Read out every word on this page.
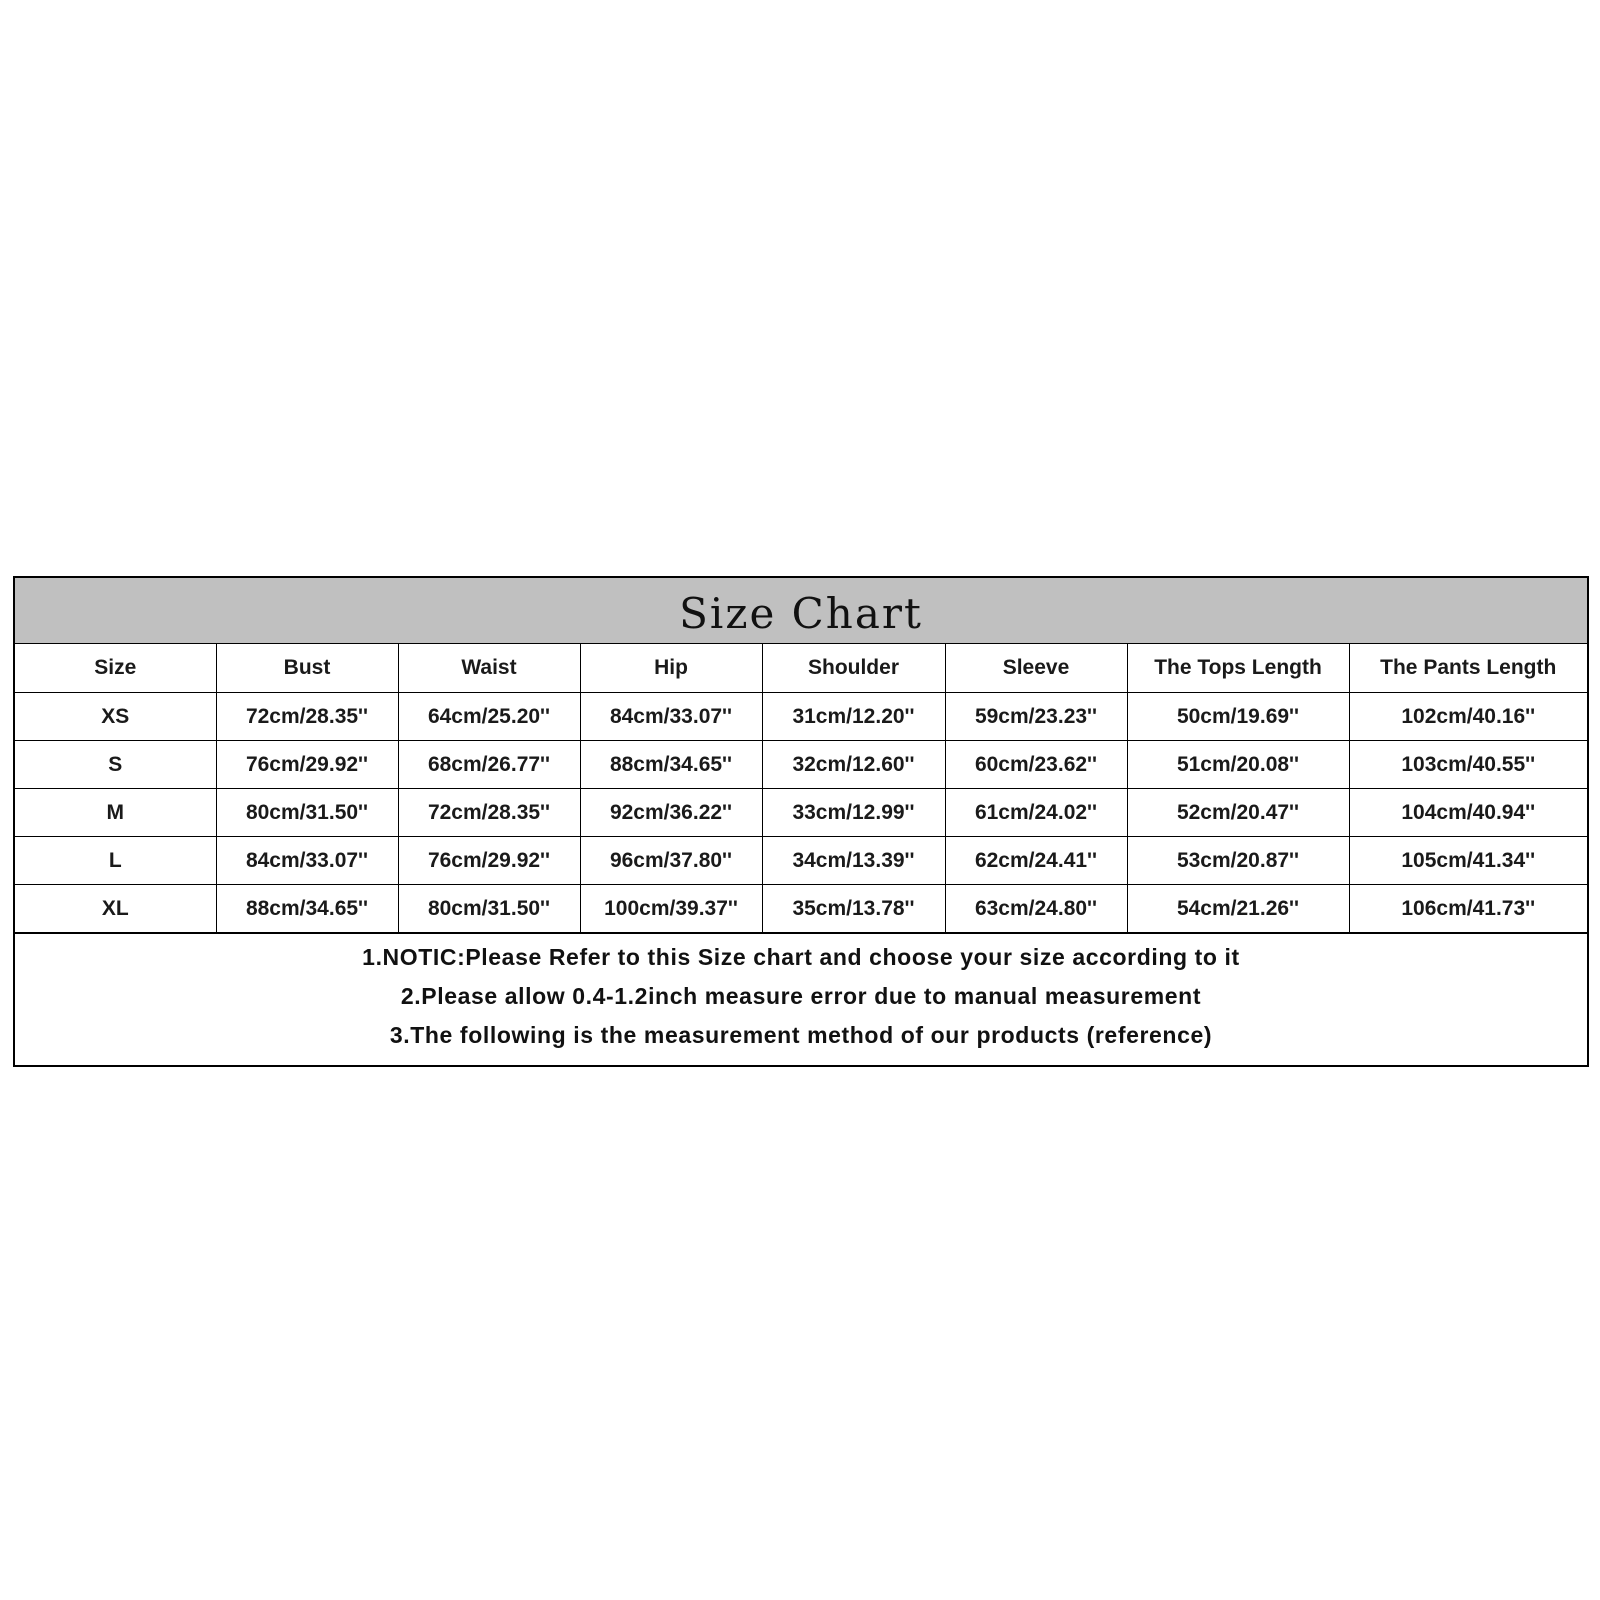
Size Chart
Size	Bust	Waist	Hip	Shoulder	Sleeve	The Tops Length	The Pants Length
XS	72cm/28.35''	64cm/25.20''	84cm/33.07''	31cm/12.20''	59cm/23.23''	50cm/19.69''	102cm/40.16''
S	76cm/29.92''	68cm/26.77''	88cm/34.65''	32cm/12.60''	60cm/23.62''	51cm/20.08''	103cm/40.55''
M	80cm/31.50''	72cm/28.35''	92cm/36.22''	33cm/12.99''	61cm/24.02''	52cm/20.47''	104cm/40.94''
L	84cm/33.07''	76cm/29.92''	96cm/37.80''	34cm/13.39''	62cm/24.41''	53cm/20.87''	105cm/41.34''
XL	88cm/34.65''	80cm/31.50''	100cm/39.37''	35cm/13.78''	63cm/24.80''	54cm/21.26''	106cm/41.73''
1.NOTIC:Please Refer to this Size chart and choose your size according to it
2.Please allow 0.4-1.2inch measure error due to manual measurement
3.The following is the measurement method of our products (reference)
